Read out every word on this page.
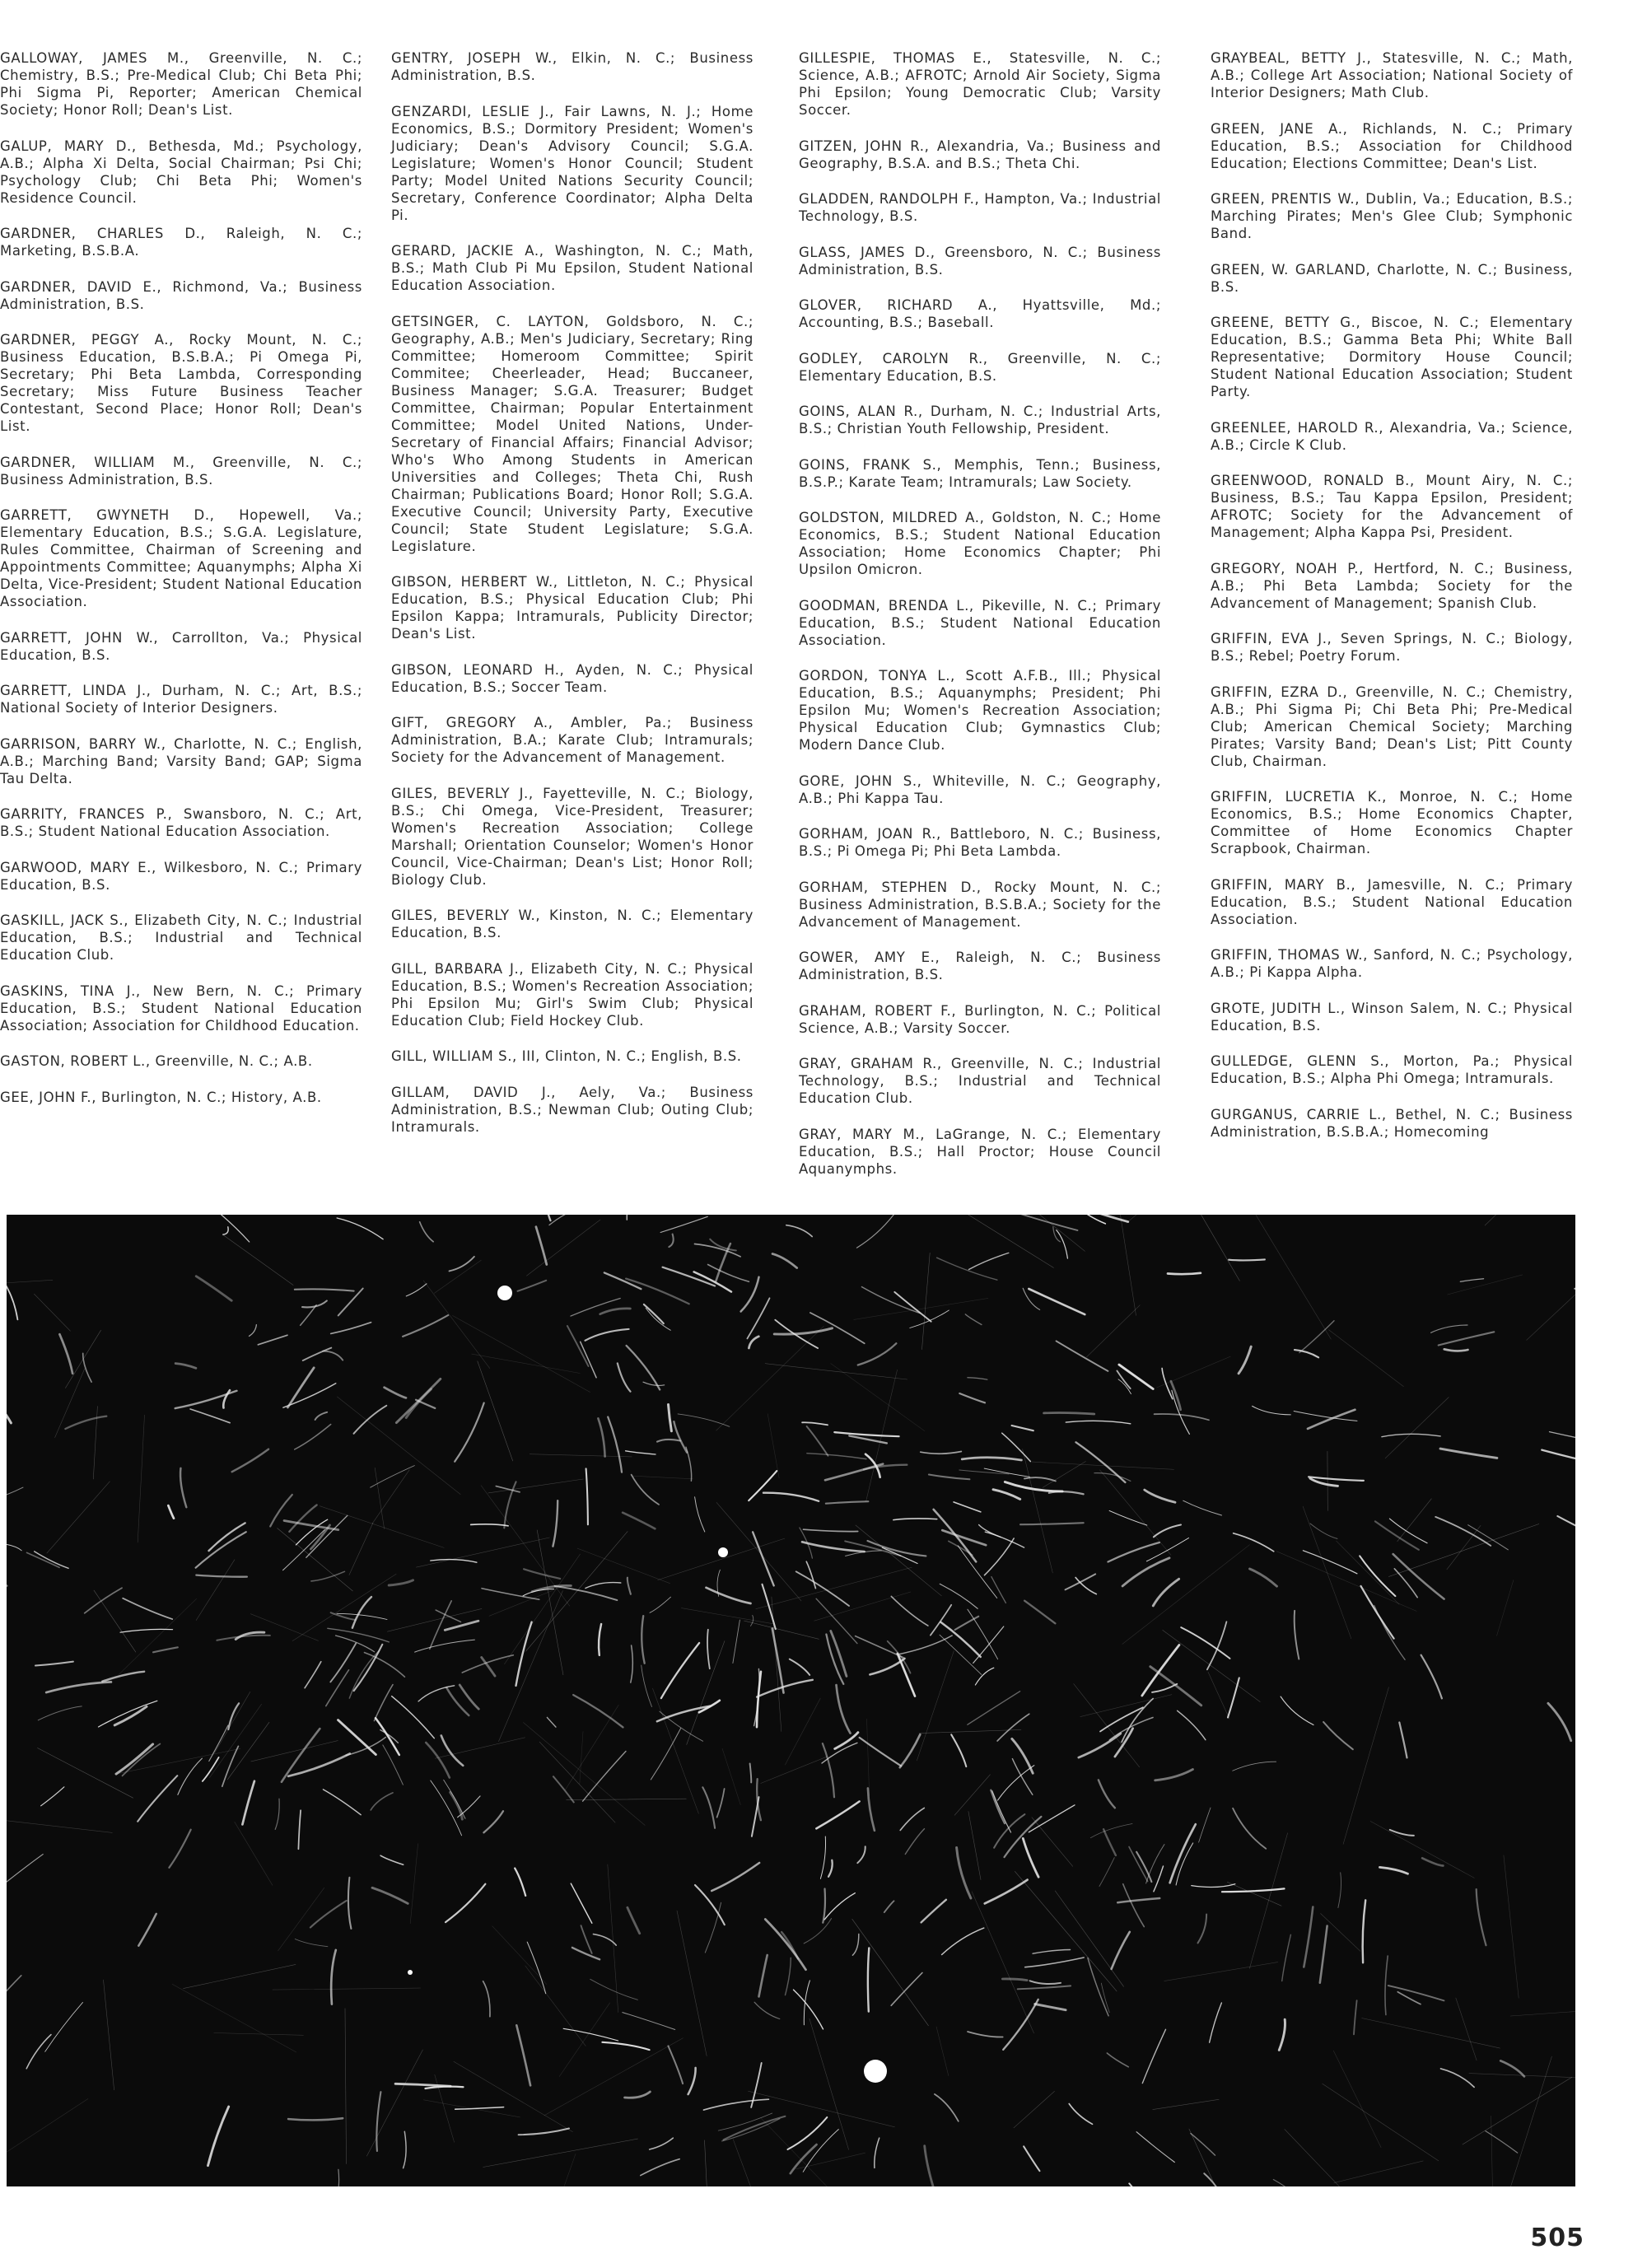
GALLOWAY, JAMES M., Greenville, N. C.; Chemistry, B.S.; Pre-Medical Club; Chi Beta Phi; Phi Sigma Pi, Reporter; American Chemical Society; Honor Roll; Dean's List.
GALUP, MARY D., Bethesda, Md.; Psychology, A.B.; Alpha Xi Delta, Social Chairman; Psi Chi; Psychology Club; Chi Beta Phi; Women's Residence Council.
GARDNER, CHARLES D., Raleigh, N. C.; Marketing, B.S.B.A.
GARDNER, DAVID E., Richmond, Va.; Business Administration, B.S.
GARDNER, PEGGY A., Rocky Mount, N. C.; Business Education, B.S.B.A.; Pi Omega Pi, Secretary; Phi Beta Lambda, Corresponding Secretary; Miss Future Business Teacher Contestant, Second Place; Honor Roll; Dean's List.
GARDNER, WILLIAM M., Greenville, N. C.; Business Administration, B.S.
GARRETT, GWYNETH D., Hopewell, Va.; Elementary Education, B.S.; S.G.A. Legislature, Rules Committee, Chairman of Screening and Appointments Committee; Aquanymphs; Alpha Xi Delta, Vice-President; Student National Education Association.
GARRETT, JOHN W., Carrollton, Va.; Physical Education, B.S.
GARRETT, LINDA J., Durham, N. C.; Art, B.S.; National Society of Interior Designers.
GARRISON, BARRY W., Charlotte, N. C.; English, A.B.; Marching Band; Varsity Band; GAP; Sigma Tau Delta.
GARRITY, FRANCES P., Swansboro, N. C.; Art, B.S.; Student National Education Association.
GARWOOD, MARY E., Wilkesboro, N. C.; Primary Education, B.S.
GASKILL, JACK S., Elizabeth City, N. C.; Industrial Education, B.S.; Industrial and Technical Education Club.
GASKINS, TINA J., New Bern, N. C.; Primary Education, B.S.; Student National Education Association; Association for Childhood Education.
GASTON, ROBERT L., Greenville, N. C.; A.B.
GEE, JOHN F., Burlington, N. C.; History, A.B.
GENTRY, JOSEPH W., Elkin, N. C.; Business Administration, B.S.
GENZARDI, LESLIE J., Fair Lawns, N. J.; Home Economics, B.S.; Dormitory President; Women's Judiciary; Dean's Advisory Council; S.G.A. Legislature; Women's Honor Council; Student Party; Model United Nations Security Council; Secretary, Conference Coordinator; Alpha Delta Pi.
GERARD, JACKIE A., Washington, N. C.; Math, B.S.; Math Club Pi Mu Epsilon, Student National Education Association.
GETSINGER, C. LAYTON, Goldsboro, N. C.; Geography, A.B.; Men's Judiciary, Secretary; Ring Committee; Homeroom Committee; Spirit Commitee; Cheerleader, Head; Buccaneer, Business Manager; S.G.A. Treasurer; Budget Committee, Chairman; Popular Entertainment Committee; Model United Nations, Under-Secretary of Financial Affairs; Financial Advisor; Who's Who Among Students in American Universities and Colleges; Theta Chi, Rush Chairman; Publications Board; Honor Roll; S.G.A. Executive Council; University Party, Executive Council; State Student Legislature; S.G.A. Legislature.
GIBSON, HERBERT W., Littleton, N. C.; Physical Education, B.S.; Physical Education Club; Phi Epsilon Kappa; Intramurals, Publicity Director; Dean's List.
GIBSON, LEONARD H., Ayden, N. C.; Physical Education, B.S.; Soccer Team.
GIFT, GREGORY A., Ambler, Pa.; Business Administration, B.A.; Karate Club; Intramurals; Society for the Advancement of Management.
GILES, BEVERLY J., Fayetteville, N. C.; Biology, B.S.; Chi Omega, Vice-President, Treasurer; Women's Recreation Association; College Marshall; Orientation Counselor; Women's Honor Council, Vice-Chairman; Dean's List; Honor Roll; Biology Club.
GILES, BEVERLY W., Kinston, N. C.; Elementary Education, B.S.
GILL, BARBARA J., Elizabeth City, N. C.; Physical Education, B.S.; Women's Recreation Association; Phi Epsilon Mu; Girl's Swim Club; Physical Education Club; Field Hockey Club.
GILL, WILLIAM S., III, Clinton, N. C.; English, B.S.
GILLAM, DAVID J., Aely, Va.; Business Administration, B.S.; Newman Club; Outing Club; Intramurals.
GILLESPIE, THOMAS E., Statesville, N. C.; Science, A.B.; AFROTC; Arnold Air Society, Sigma Phi Epsilon; Young Democratic Club; Varsity Soccer.
GITZEN, JOHN R., Alexandria, Va.; Business and Geography, B.S.A. and B.S.; Theta Chi.
GLADDEN, RANDOLPH F., Hampton, Va.; Industrial Technology, B.S.
GLASS, JAMES D., Greensboro, N. C.; Business Administration, B.S.
GLOVER, RICHARD A., Hyattsville, Md.; Accounting, B.S.; Baseball.
GODLEY, CAROLYN R., Greenville, N. C.; Elementary Education, B.S.
GOINS, ALAN R., Durham, N. C.; Industrial Arts, B.S.; Christian Youth Fellowship, President.
GOINS, FRANK S., Memphis, Tenn.; Business, B.S.P.; Karate Team; Intramurals; Law Society.
GOLDSTON, MILDRED A., Goldston, N. C.; Home Economics, B.S.; Student National Education Association; Home Economics Chapter; Phi Upsilon Omicron.
GOODMAN, BRENDA L., Pikeville, N. C.; Primary Education, B.S.; Student National Education Association.
GORDON, TONYA L., Scott A.F.B., Ill.; Physical Education, B.S.; Aquanymphs; President; Phi Epsilon Mu; Women's Recreation Association; Physical Education Club; Gymnastics Club; Modern Dance Club.
GORE, JOHN S., Whiteville, N. C.; Geography, A.B.; Phi Kappa Tau.
GORHAM, JOAN R., Battleboro, N. C.; Business, B.S.; Pi Omega Pi; Phi Beta Lambda.
GORHAM, STEPHEN D., Rocky Mount, N. C.; Business Administration, B.S.B.A.; Society for the Advancement of Management.
GOWER, AMY E., Raleigh, N. C.; Business Administration, B.S.
GRAHAM, ROBERT F., Burlington, N. C.; Political Science, A.B.; Varsity Soccer.
GRAY, GRAHAM R., Greenville, N. C.; Industrial Technology, B.S.; Industrial and Technical Education Club.
GRAY, MARY M., LaGrange, N. C.; Elementary Education, B.S.; Hall Proctor; House Council Aquanymphs.
GRAYBEAL, BETTY J., Statesville, N. C.; Math, A.B.; College Art Association; National Society of Interior Designers; Math Club.
GREEN, JANE A., Richlands, N. C.; Primary Education, B.S.; Association for Childhood Education; Elections Committee; Dean's List.
GREEN, PRENTIS W., Dublin, Va.; Education, B.S.; Marching Pirates; Men's Glee Club; Symphonic Band.
GREEN, W. GARLAND, Charlotte, N. C.; Business, B.S.
GREENE, BETTY G., Biscoe, N. C.; Elementary Education, B.S.; Gamma Beta Phi; White Ball Representative; Dormitory House Council; Student National Education Association; Student Party.
GREENLEE, HAROLD R., Alexandria, Va.; Science, A.B.; Circle K Club.
GREENWOOD, RONALD B., Mount Airy, N. C.; Business, B.S.; Tau Kappa Epsilon, President; AFROTC; Society for the Advancement of Management; Alpha Kappa Psi, President.
GREGORY, NOAH P., Hertford, N. C.; Business, A.B.; Phi Beta Lambda; Society for the Advancement of Management; Spanish Club.
GRIFFIN, EVA J., Seven Springs, N. C.; Biology, B.S.; Rebel; Poetry Forum.
GRIFFIN, EZRA D., Greenville, N. C.; Chemistry, A.B.; Phi Sigma Pi; Chi Beta Phi; Pre-Medical Club; American Chemical Society; Marching Pirates; Varsity Band; Dean's List; Pitt County Club, Chairman.
GRIFFIN, LUCRETIA K., Monroe, N. C.; Home Economics, B.S.; Home Economics Chapter, Committee of Home Economics Chapter Scrapbook, Chairman.
GRIFFIN, MARY B., Jamesville, N. C.; Primary Education, B.S.; Student National Education Association.
GRIFFIN, THOMAS W., Sanford, N. C.; Psychology, A.B.; Pi Kappa Alpha.
GROTE, JUDITH L., Winson Salem, N. C.; Physical Education, B.S.
GULLEDGE, GLENN S., Morton, Pa.; Physical Education, B.S.; Alpha Phi Omega; Intramurals.
GURGANUS, CARRIE L., Bethel, N. C.; Business Administration, B.S.B.A.; Homecoming
505
